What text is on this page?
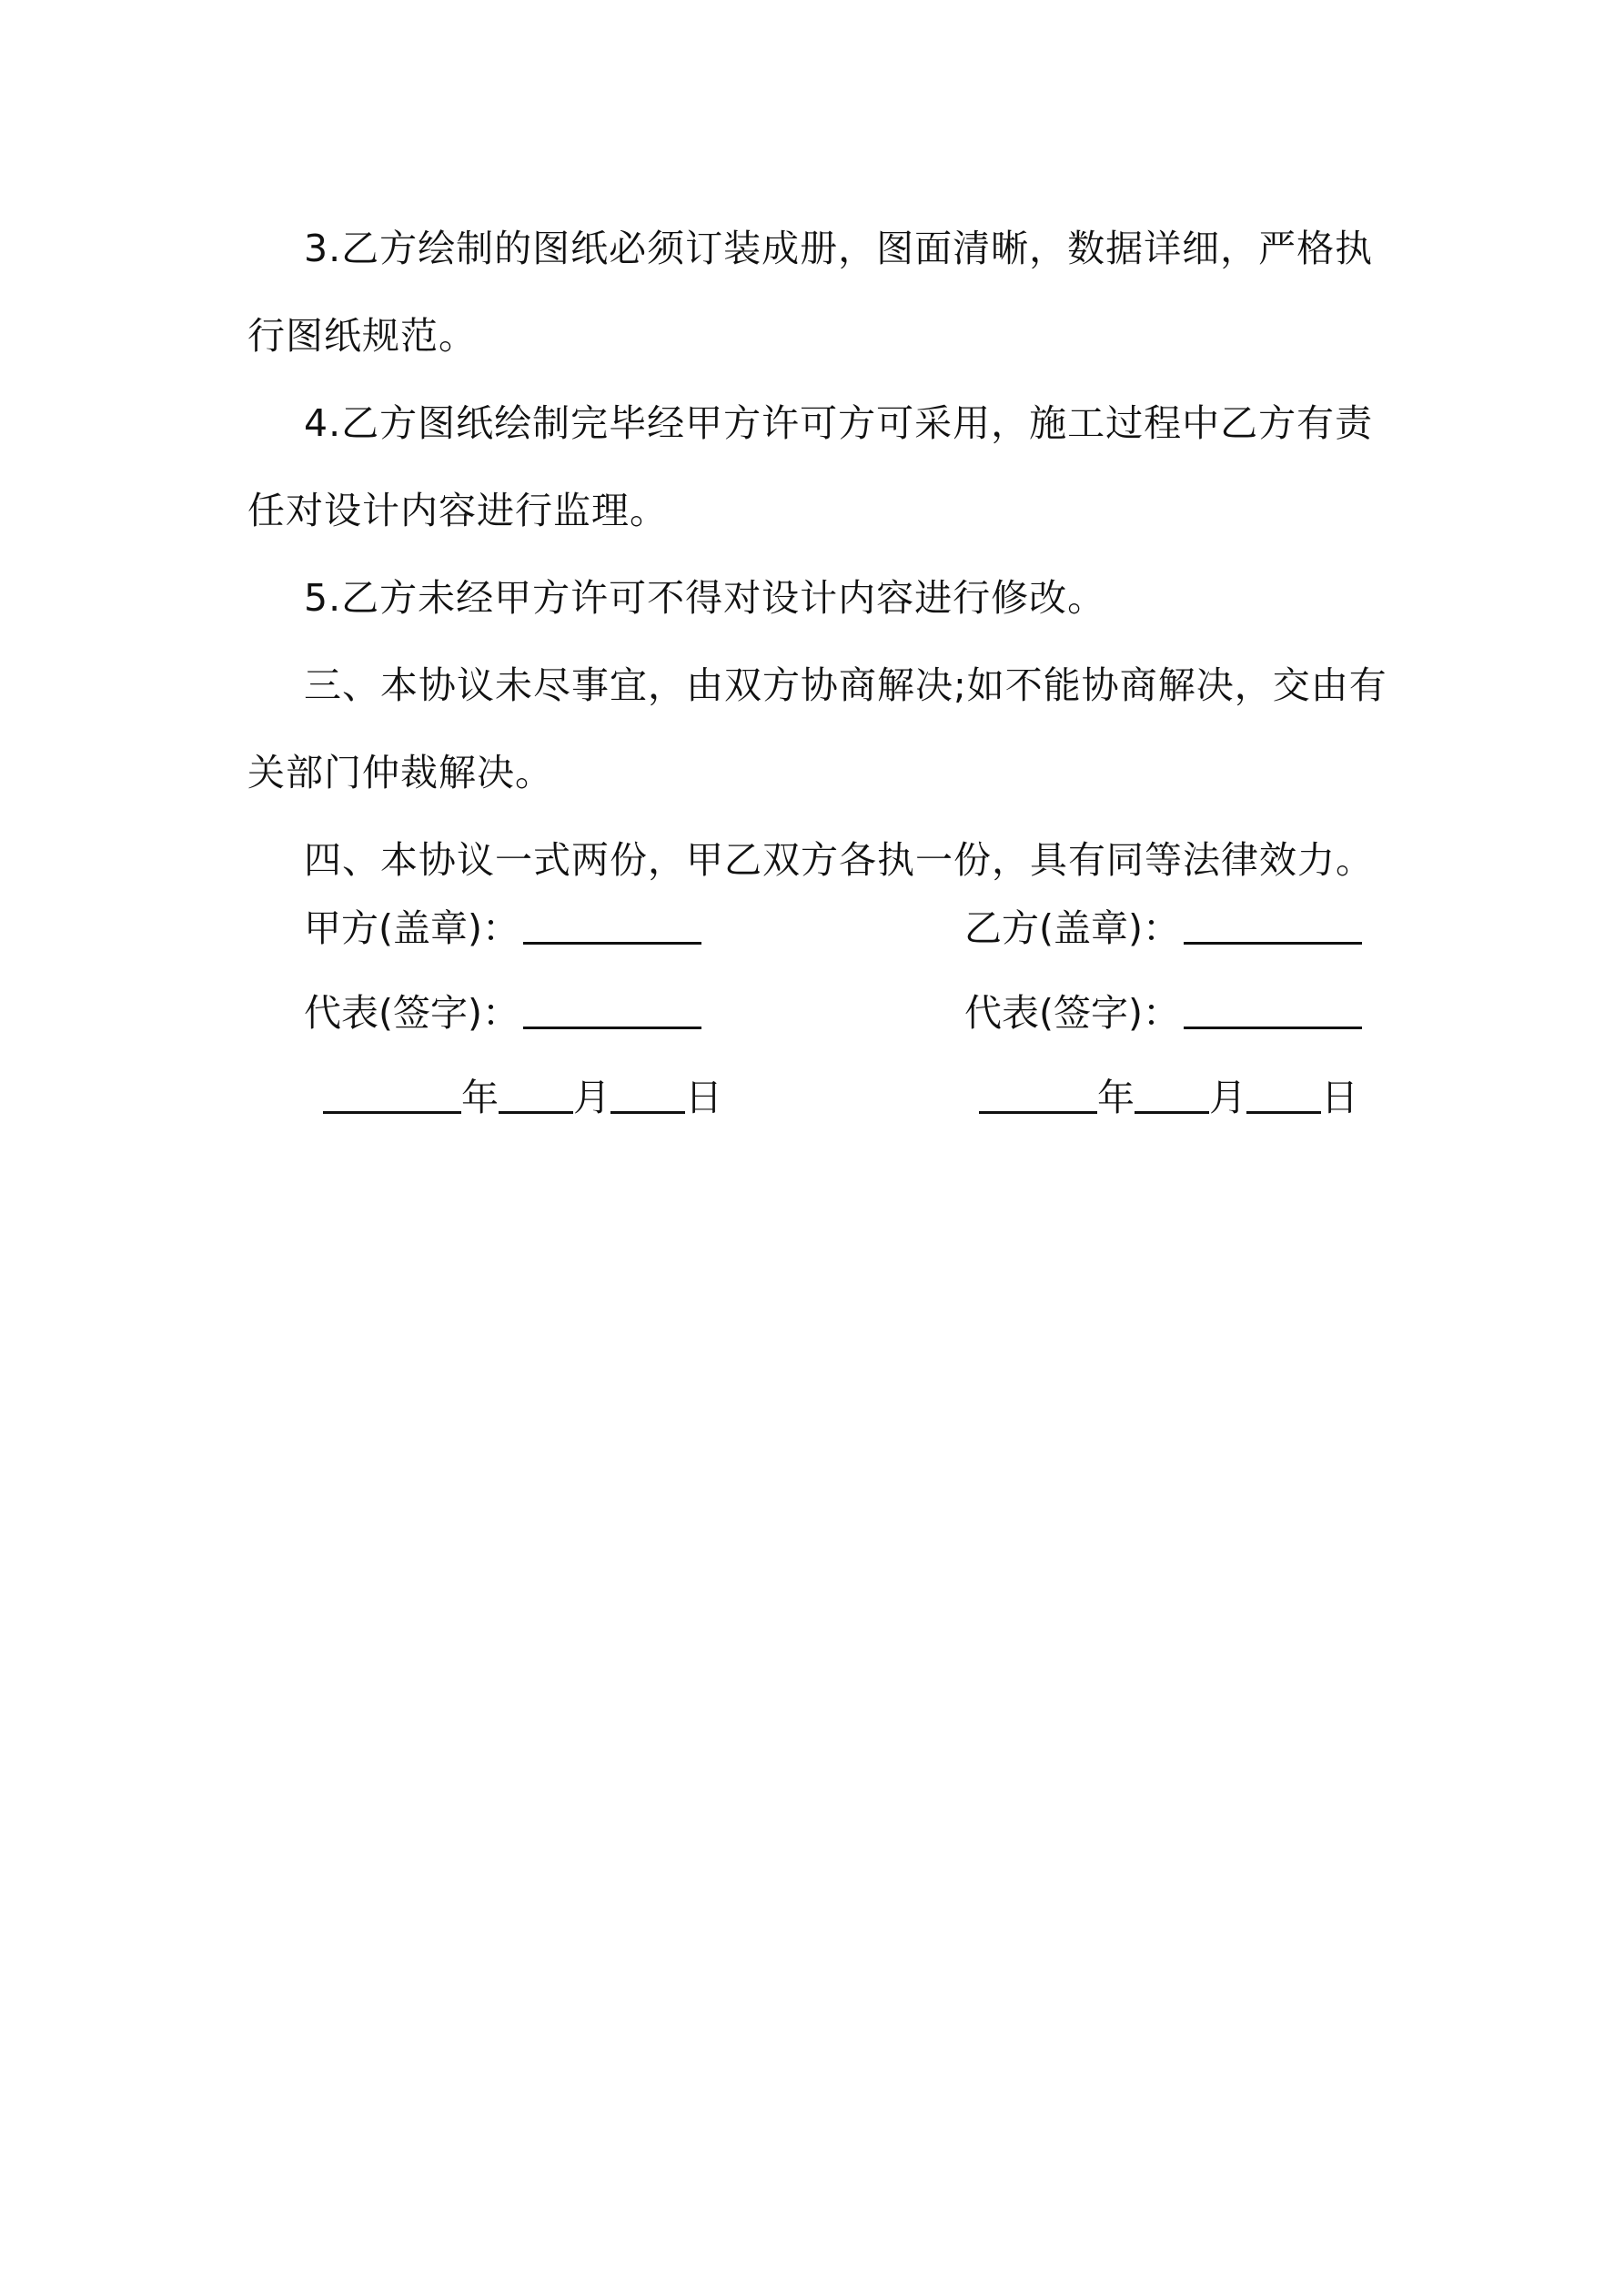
3.乙方绘制的图纸必须订装成册，图面清晰，数据详细，严格执行图纸规范。

4.乙方图纸绘制完毕经甲方许可方可采用，施工过程中乙方有责任对设计内容进行监理。

5.乙方未经甲方许可不得对设计内容进行修改。

三、本协议未尽事宜，由双方协商解决;如不能协商解决，交由有关部门仲裁解决。

四、本协议一式两份，甲乙双方各执一份，具有同等法律效力。

甲方(盖章)：	乙方(盖章)：
代表(签字)：	代表(签字)：
年 月 日	年 月 日
